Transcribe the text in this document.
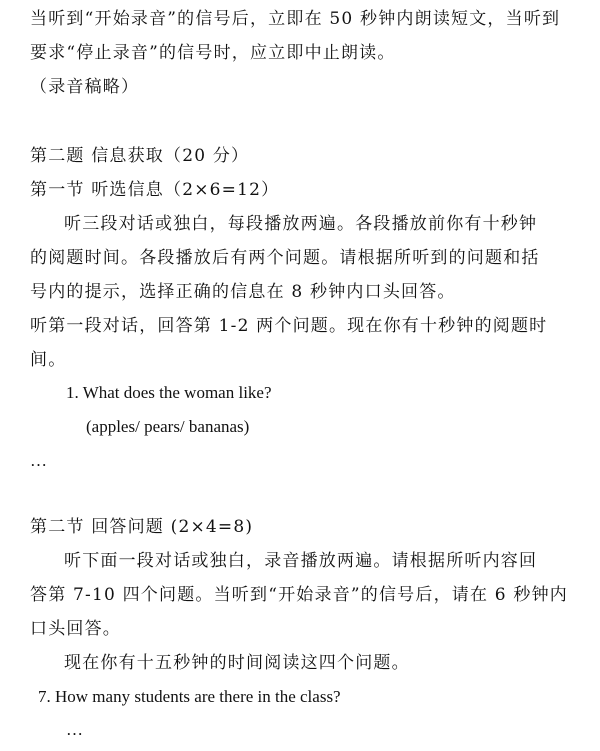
当听到“开始录音”的信号后，立即在 50 秒钟内朗读短文，当听到
要求“停止录音”的信号时，应立即中止朗读。
（录音稿略）
第二题 信息获取（20 分）
第一节 听选信息（2×6=12）
听三段对话或独白，每段播放两遍。各段播放前你有十秒钟
的阅题时间。各段播放后有两个问题。请根据所听到的问题和括
号内的提示，选择正确的信息在 8 秒钟内口头回答。
听第一段对话，回答第 1-2 两个问题。现在你有十秒钟的阅题时
间。
1. What does the woman like?
(apples/ pears/ bananas)
…
第二节 回答问题 (2×4=8)
听下面一段对话或独白，录音播放两遍。请根据所听内容回
答第 7-10 四个问题。当听到“开始录音”的信号后，请在 6 秒钟内
口头回答。
现在你有十五秒钟的时间阅读这四个问题。
7. How many students are there in the class?
…
